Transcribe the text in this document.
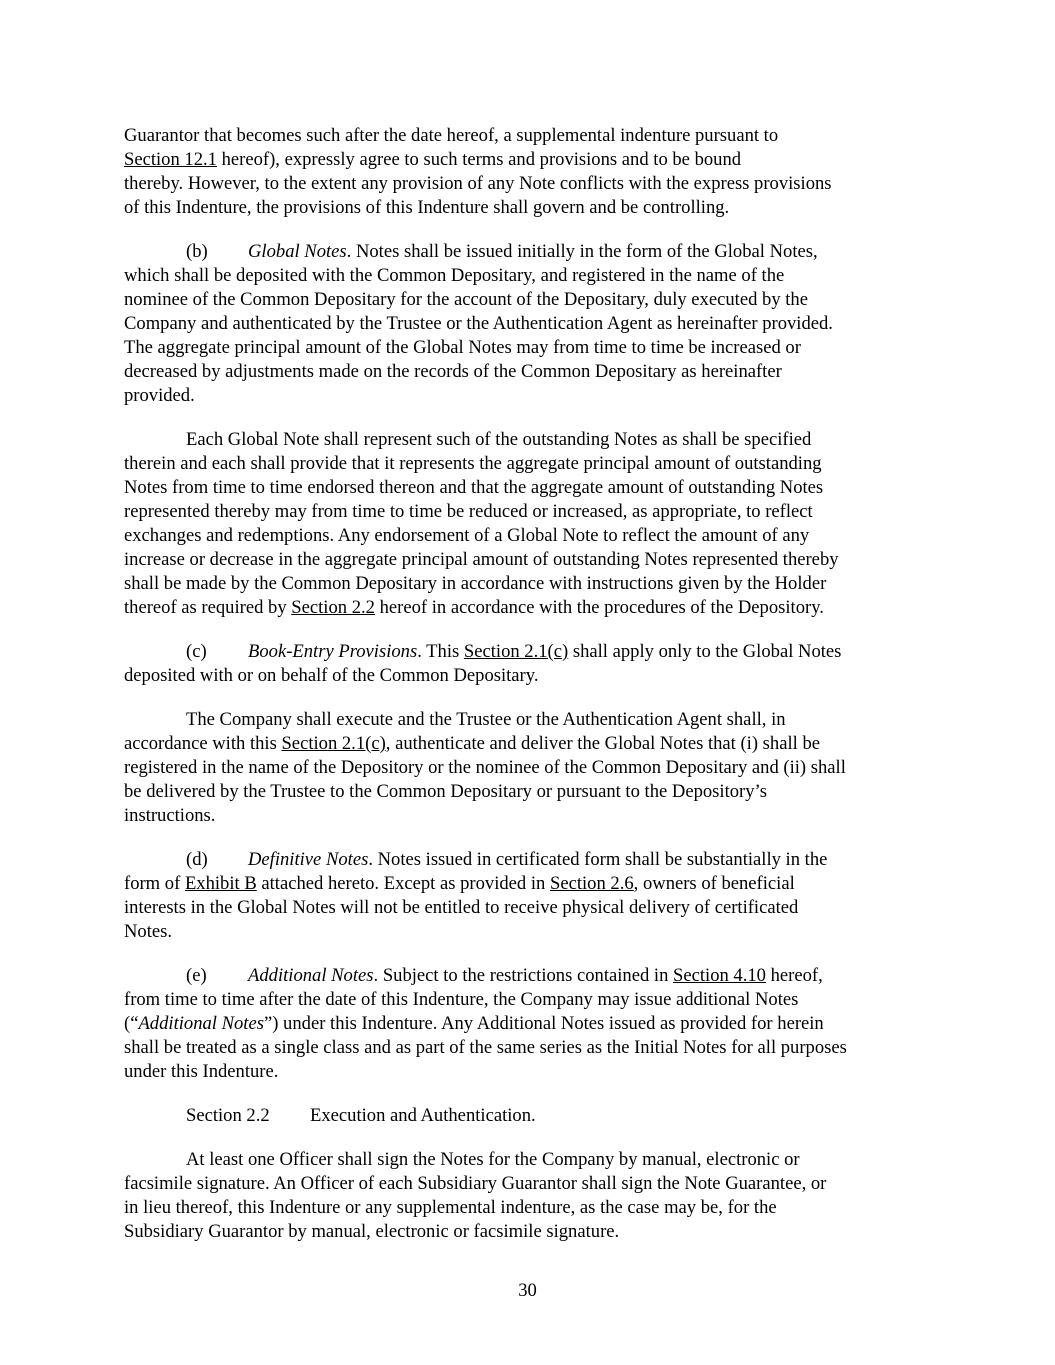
Guarantor that becomes such after the date hereof, a supplemental indenture pursuant to
Section 12.1 hereof), expressly agree to such terms and provisions and to be bound
thereby. However, to the extent any provision of any Note conflicts with the express provisions
of this Indenture, the provisions of this Indenture shall govern and be controlling.

(b) Global Notes. Notes shall be issued initially in the form of the Global Notes,
which shall be deposited with the Common Depositary, and registered in the name of the
nominee of the Common Depositary for the account of the Depositary, duly executed by the
Company and authenticated by the Trustee or the Authentication Agent as hereinafter provided.
The aggregate principal amount of the Global Notes may from time to time be increased or
decreased by adjustments made on the records of the Common Depositary as hereinafter
provided.

Each Global Note shall represent such of the outstanding Notes as shall be specified
therein and each shall provide that it represents the aggregate principal amount of outstanding
Notes from time to time endorsed thereon and that the aggregate amount of outstanding Notes
represented thereby may from time to time be reduced or increased, as appropriate, to reflect
exchanges and redemptions. Any endorsement of a Global Note to reflect the amount of any
increase or decrease in the aggregate principal amount of outstanding Notes represented thereby
shall be made by the Common Depositary in accordance with instructions given by the Holder
thereof as required by Section 2.2 hereof in accordance with the procedures of the Depository.

(c) Book-Entry Provisions. This Section 2.1(c) shall apply only to the Global Notes
deposited with or on behalf of the Common Depositary.

The Company shall execute and the Trustee or the Authentication Agent shall, in
accordance with this Section 2.1(c), authenticate and deliver the Global Notes that (i) shall be
registered in the name of the Depository or the nominee of the Common Depositary and (ii) shall
be delivered by the Trustee to the Common Depositary or pursuant to the Depository’s
instructions.

(d) Definitive Notes. Notes issued in certificated form shall be substantially in the
form of Exhibit B attached hereto. Except as provided in Section 2.6, owners of beneficial
interests in the Global Notes will not be entitled to receive physical delivery of certificated
Notes.

(e) Additional Notes. Subject to the restrictions contained in Section 4.10 hereof,
from time to time after the date of this Indenture, the Company may issue additional Notes
(“Additional Notes”) under this Indenture. Any Additional Notes issued as provided for herein
shall be treated as a single class and as part of the same series as the Initial Notes for all purposes
under this Indenture.

Section 2.2 Execution and Authentication.

At least one Officer shall sign the Notes for the Company by manual, electronic or
facsimile signature. An Officer of each Subsidiary Guarantor shall sign the Note Guarantee, or
in lieu thereof, this Indenture or any supplemental indenture, as the case may be, for the
Subsidiary Guarantor by manual, electronic or facsimile signature.

30
